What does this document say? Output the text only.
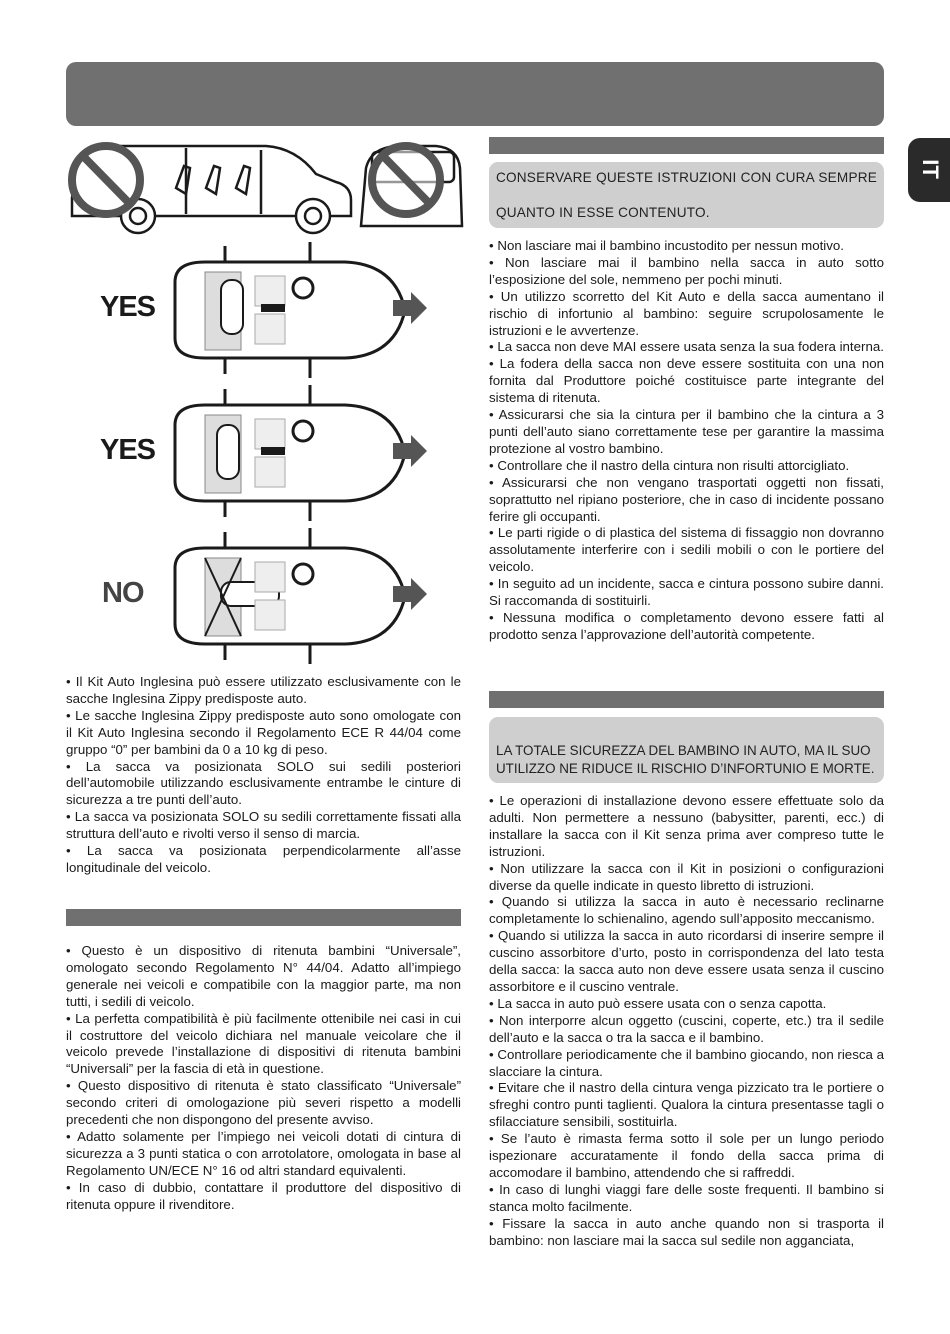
IT
YES
YES
NO

• Il Kit Auto Inglesina può essere utilizzato esclusivamente con le sacche Inglesina Zippy predisposte auto.

• Le sacche Inglesina Zippy predisposte auto sono omologate con il Kit Auto Inglesina secondo il Regolamento ECE R 44/04 come gruppo “0” per bambini da 0 a 10 kg di peso.

• La sacca va posizionata SOLO sui sedili posteriori dell’automobile utilizzando esclusivamente entrambe le cinture di sicurezza a tre punti dell’auto.

• La sacca va posizionata SOLO su sedili correttamente fissati alla struttura dell’auto e rivolti verso il senso di marcia.

• La sacca va posizionata perpendicolarmente all’asse longitudinale del veicolo.

• Questo è un dispositivo di ritenuta bambini “Universale”, omologato secondo Regolamento N° 44/04. Adatto all’impiego generale nei veicoli e compatibile con la maggior parte, ma non tutti, i sedili di veicolo.

• La perfetta compatibilità è più facilmente ottenibile nei casi in cui il costruttore del veicolo dichiara nel manuale veicolare che il veicolo prevede l’installazione di dispositivi di ritenuta bambini “Universali” per la fascia di età in questione.

• Questo dispositivo di ritenuta è stato classificato “Universale” secondo criteri di omologazione più severi rispetto a modelli precedenti che non dispongono del presente avviso.

• Adatto solamente per l’impiego nei veicoli dotati di cintura di sicurezza a 3 punti statica o con arrotolatore, omologata in base al Regolamento UN/ECE N° 16 od altri standard equivalenti.

• In caso di dubbio, contattare il produttore del dispositivo di ritenuta oppure il rivenditore.

CONSERVARE QUESTE ISTRUZIONI CON CURA SEMPRE

QUANTO IN ESSE CONTENUTO.

• Non lasciare mai il bambino incustodito per nessun motivo.

• Non lasciare mai il bambino nella sacca in auto sotto l’esposizione del sole, nemmeno per pochi minuti.

• Un utilizzo scorretto del Kit Auto e della sacca aumentano il rischio di infortunio al bambino: seguire scrupolosamente le istruzioni e le avvertenze.

• La sacca non deve MAI essere usata senza la sua fodera interna.

• La fodera della sacca non deve essere sostituita con una non fornita dal Produttore poiché costituisce parte integrante del sistema di ritenuta.

• Assicurarsi che sia la cintura per il bambino che la cintura a 3 punti dell’auto siano correttamente tese per garantire la massima protezione al vostro bambino.

• Controllare che il nastro della cintura non risulti attorcigliato.

• Assicurarsi che non vengano trasportati oggetti non fissati, soprattutto nel ripiano posteriore, che in caso di incidente possano ferire gli occupanti.

• Le parti rigide o di plastica del sistema di fissaggio non dovranno assolutamente interferire con i sedili mobili o con le portiere del veicolo.

• In seguito ad un incidente, sacca e cintura possono subire danni. Si raccomanda di sostituirli.

• Nessuna modifica o completamento devono essere fatti al prodotto senza l’approvazione dell’autorità competente.

LA TOTALE SICUREZZA DEL BAMBINO IN AUTO, MA IL SUO

UTILIZZO NE RIDUCE IL RISCHIO D’INFORTUNIO E MORTE.

• Le operazioni di installazione devono essere effettuate solo da adulti. Non permettere a nessuno (babysitter, parenti, ecc.) di installare la sacca con il Kit senza prima aver compreso tutte le istruzioni.

• Non utilizzare la sacca con il Kit in posizioni o configurazioni diverse da quelle indicate in questo libretto di istruzioni.

• Quando si utilizza la sacca in auto è necessario reclinarne completamente lo schienalino, agendo sull’apposito meccanismo.

• Quando si utilizza la sacca in auto ricordarsi di inserire sempre il cuscino assorbitore d’urto, posto in corrispondenza del lato testa della sacca: la sacca auto non deve essere usata senza il cuscino assorbitore e il cuscino ventrale.

• La sacca in auto può essere usata con o senza capotta.

• Non interporre alcun oggetto (cuscini, coperte, etc.) tra il sedile dell’auto e la sacca o tra la sacca e il bambino.

• Controllare periodicamente che il bambino giocando, non riesca a slacciare la cintura.

• Evitare che il nastro della cintura venga pizzicato tra le portiere o sfreghi contro punti taglienti. Qualora la cintura presentasse tagli o sfilacciature sensibili, sostituirla.

• Se l’auto è rimasta ferma sotto il sole per un lungo periodo ispezionare accuratamente il fondo della sacca prima di accomodare il bambino, attendendo che si raffreddi.

• In caso di lunghi viaggi fare delle soste frequenti. Il bambino si stanca molto facilmente.

• Fissare la sacca in auto anche quando non si trasporta il bambino: non lasciare mai la sacca sul sedile non agganciata,
